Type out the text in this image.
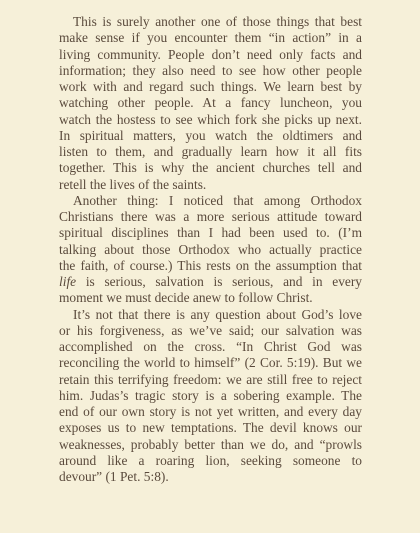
This is surely another one of those things that best
make sense if you encounter them “in action” in a
living community. People don’t need only facts and
information; they also need to see how other people
work with and regard such things. We learn best by
watching other people. At a fancy luncheon, you
watch the hostess to see which fork she picks up next.
In spiritual matters, you watch the oldtimers and
listen to them, and gradually learn how it all fits
together. This is why the ancient churches tell and
retell the lives of the saints.
Another thing: I noticed that among Orthodox
Christians there was a more serious attitude toward
spiritual disciplines than I had been used to. (I’m
talking about those Orthodox who actually practice
the faith, of course.) This rests on the assumption that
life is serious, salvation is serious, and in every
moment we must decide anew to follow Christ.
It’s not that there is any question about God’s love
or his forgiveness, as we’ve said; our salvation was
accomplished on the cross. “In Christ God was
reconciling the world to himself” (2 Cor. 5:19). But we
retain this terrifying freedom: we are still free to reject
him. Judas’s tragic story is a sobering example. The
end of our own story is not yet written, and every day
exposes us to new temptations. The devil knows our
weaknesses, probably better than we do, and “prowls
around like a roaring lion, seeking someone to
devour” (1 Pet. 5:8).
